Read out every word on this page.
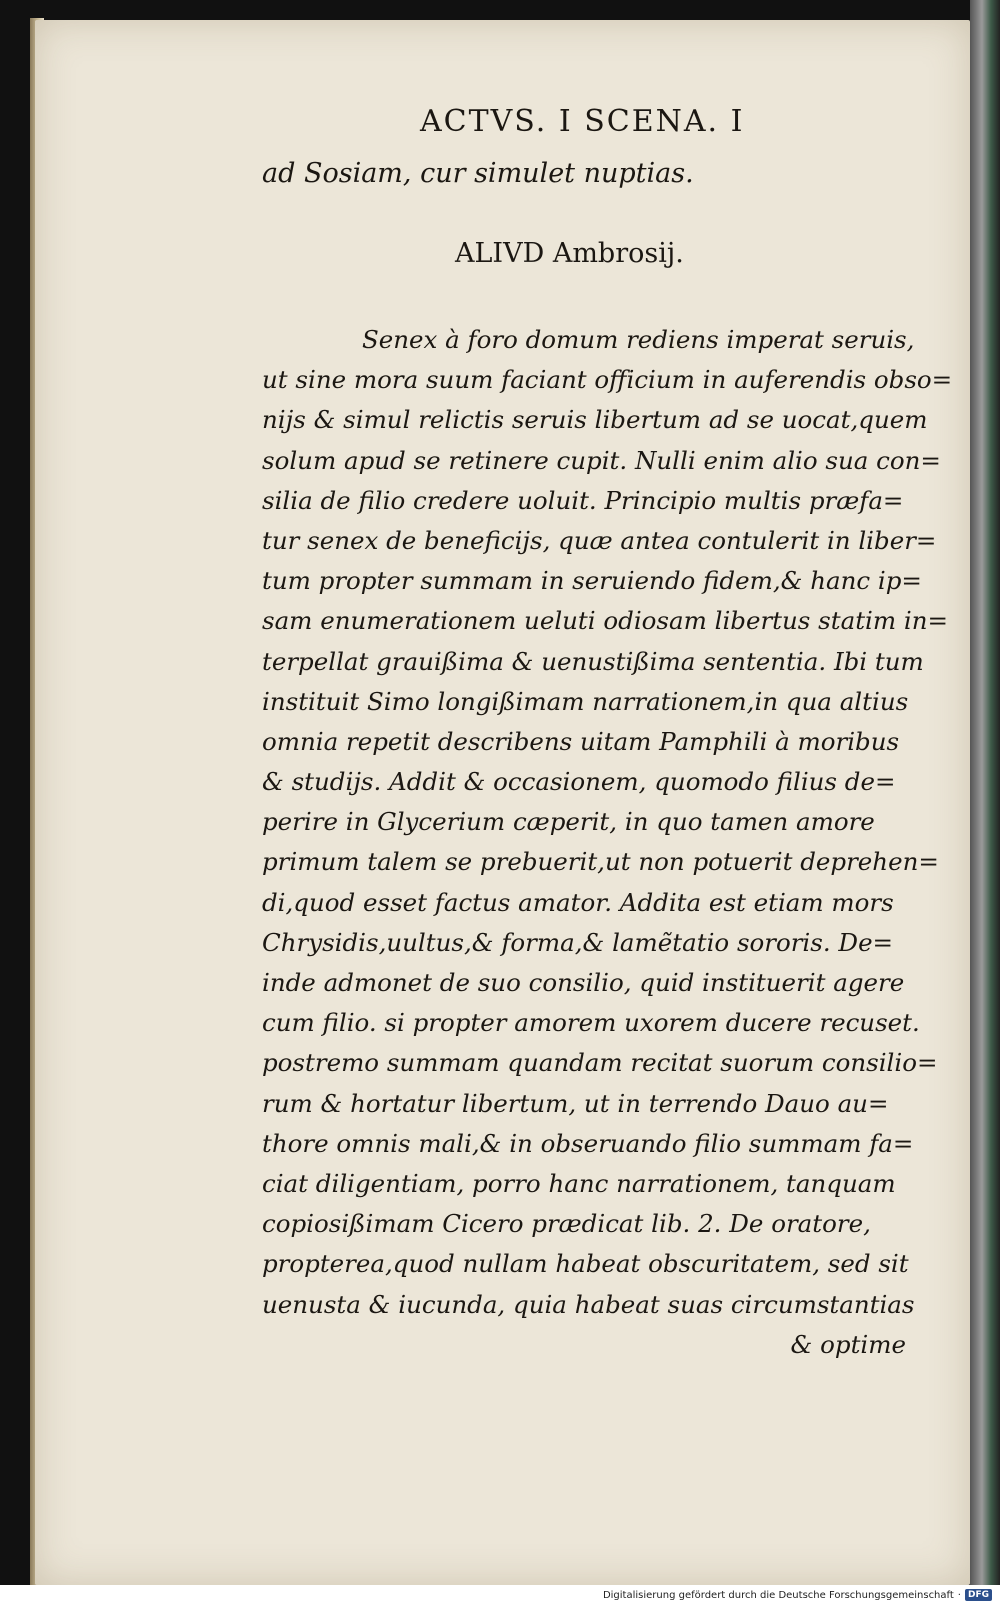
ACTVS. I SCENA. I
ad Sosiam, cur simulet nuptias.
ALIVD Ambrosij.
Senex à foro domum rediens imperat seruis,
ut sine mora suum faciant officium in auferendis obso=
nijs & simul relictis seruis libertum ad se uocat,quem
solum apud se retinere cupit. Nulli enim alio sua con=
silia de filio credere uoluit. Principio multis præfa=
tur senex de beneficijs, quæ antea contulerit in liber=
tum propter summam in seruiendo fidem,& hanc ip=
sam enumerationem ueluti odiosam libertus statim in=
terpellat grauißima & uenustißima sententia. Ibi tum
instituit Simo longißimam narrationem,in qua altius
omnia repetit describens uitam Pamphili à moribus
& studijs. Addit & occasionem, quomodo filius de=
perire in Glycerium cæperit, in quo tamen amore
primum talem se prebuerit,ut non potuerit deprehen=
di,quod esset factus amator. Addita est etiam mors
Chrysidis,uultus,& forma,& lamẽtatio sororis. De=
inde admonet de suo consilio, quid instituerit agere
cum filio. si propter amorem uxorem ducere recuset.
postremo summam quandam recitat suorum consilio=
rum & hortatur libertum, ut in terrendo Dauo au=
thore omnis mali,& in obseruando filio summam fa=
ciat diligentiam, porro hanc narrationem, tanquam
copiosißimam Cicero prædicat lib. 2. De oratore,
propterea,quod nullam habeat obscuritatem, sed sit
uenusta & iucunda, quia habeat suas circumstantias
& optime
Digitalisierung gefördert durch die Deutsche Forschungsgemeinschaft · DFG
